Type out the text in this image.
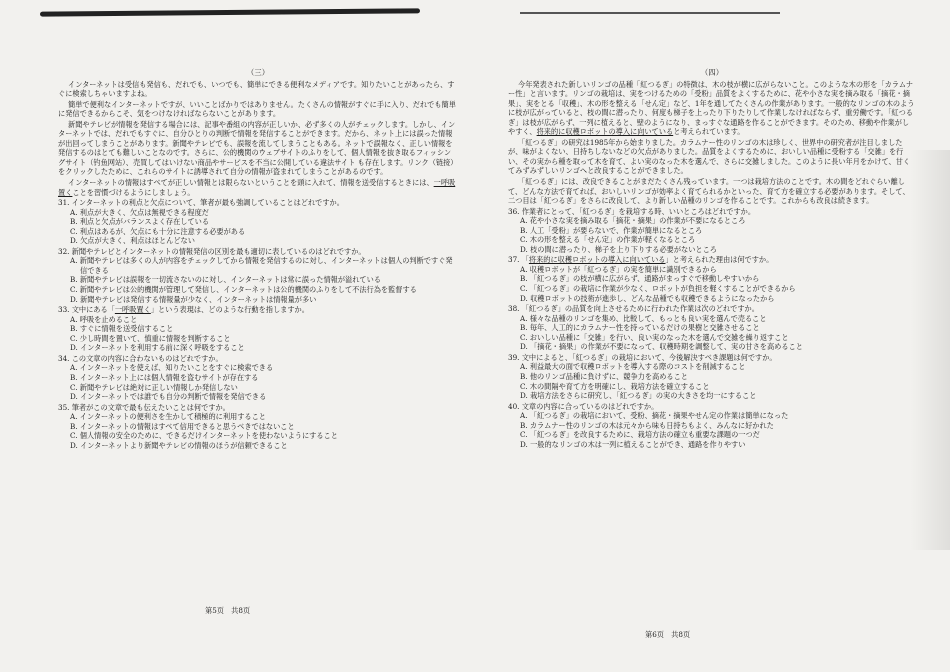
（三）

インターネットは受信も発信も、だれでも、いつでも、簡単にできる便利なメディアです。知りたいことがあったら、すぐに検索しちゃいますよね。

簡単で便利なインターネットですが、いいことばかりではありません。たくさんの情報がすぐに手に入り、だれでも簡単に発信できるからこそ、気をつけなければならないことがあります。

新聞やテレビが情報を発信する場合には、記事や番組の内容が正しいか、必ず多くの人がチェックします。しかし、インターネットでは、だれでもすぐに、自分ひとりの判断で情報を発信することができます。だから、ネット上には誤った情報が出回ってしまうことがあります。新聞やテレビでも、誤報を流してしまうこともある。ネットで誤報なく、正しい情報を発信するのはとても難しいことなのです。さらに、公的機関のウェブサイトのふりをして、個人情報を抜き取るフィッシングサイト（钓鱼网站）、売買してはいけない商品やサービスを不当に公開している違法サイト も存在します。リンク（链接）をクリックしたために、これらのサイトに誘導されて自分の情報が盗まれてしまうことがあるのです。

インターネットの情報はすべてが正しい情報とは限らないということを頭に入れて、情報を送受信するときには、一呼吸置くことを習慣づけるようにしましょう。

31. インターネットの利点と欠点について、筆者が最も強調していることはどれですか。
A. 利点が大きく、欠点は無視できる程度だ
B. 利点と欠点がバランスよく存在している
C. 利点はあるが、欠点にも十分に注意する必要がある
D. 欠点が大きく、利点はほとんどない
32. 新聞やテレビとインターネットの情報発信の区別を最も適切に表しているのはどれですか。
A. 新聞やテレビは多くの人が内容をチェックしてから情報を発信するのに対し、インターネットは個人の判断ですぐ発信できる
B. 新聞やテレビは誤報を一切流さないのに対し、インターネットは常に誤った情報が溢れている
C. 新聞やテレビは公的機関が管理して発信し、インターネットは公的機関のふりをして不法行為を監督する
D. 新聞やテレビは発信する情報量が少なく、インターネットは情報量が多い
33. 文中にある「一呼吸置く」という表現は、どのような行動を指しますか。
A. 呼吸を止めること
B. すぐに情報を送受信すること
C. 少し時間を置いて、慎重に情報を判断すること
D. インターネットを利用する前に深く呼吸をすること
34. この文章の内容に合わないものはどれですか。
A. インターネットを使えば、知りたいことをすぐに検索できる
B. インターネット上には個人情報を盗むサイトが存在する
C. 新聞やテレビは絶対に正しい情報しか発信しない
D. インターネットでは誰でも自分の判断で情報を発信できる
35. 筆者がこの文章で最も伝えたいことは何ですか。
A. インターネットの便利さを生かして積極的に利用すること
B. インターネットの情報はすべて信用できると思うべきではないこと
C. 個人情報の安全のために、できるだけインターネットを使わないようにすること
D. インターネットより新聞やテレビの情報のほうが信頼できること
第5页　共8页
（四）

今年発表された新しいリンゴの品種「紅つるぎ」の特徴は、木の枝が横に広がらないこと。このような木の形を「カラムナー性」と言います。リンゴの栽培は、実をつけるための「受粉」品質をよくするために、花や小さな実を摘み取る「摘花・摘果」、実をとる「収穫」、木の形を整える「せん定」など、1年を通してたくさんの作業があります。一般的なリンゴの木のように枝が広がっていると、枝の間に潜ったり、何度も梯子を上ったり下りたりして作業しなければならず、重労働です。「紅つるぎ」は枝が広がらず、一列に植えると、壁のようになり、まっすぐな通路を作ることができます。そのため、移動や作業がしやすく、将来的に収穫ロボットの導入に向いていると考えられています。

「紅つるぎ」の研究は1985年から始まりました。カラムナー性のリンゴの木は珍しく、世界中の研究者が注目しましたが、味がよくない、日持ちしないなどの欠点がありました。品質をよくするために、おいしい品種に受粉する「交雑」を行い、その実から種を取って木を育て、よい実のなった木を選んで、さらに交雑しました。このように長い年月をかけて、甘くてみずみずしいリンゴへと改良することができました。

「紅つるぎ」には、改良できることがまだたくさん残っています。一つは栽培方法のことです。木の間をどれぐらい離して、どんな方法で育てれば、おいしいリンゴが効率よく育てられるかといった、育て方を確立する必要があります。そして、二つ目は「紅つるぎ」をさらに改良して、より新しい品種のリンゴを作ることです。これからも改良は続きます。

36. 作業者にとって、「紅つるぎ」を栽培する時、いいところはどれですか。
A. 花や小さな実を摘み取る「摘花・摘果」の作業が不要になるところ
B. 人工「受粉」が要らないで、作業が簡単になるところ
C. 木の形を整える「せん定」の作業が軽くなるところ
D. 枝の間に潜ったり、梯子を上り下りする必要がないところ
37. 「将来的に収穫ロボットの導入に向いている」と考えられた理由は何ですか。
A. 収穫ロボットが「紅つるぎ」の実を簡単に識別できるから
B. 「紅つるぎ」の枝が横に広がらず、通路がまっすぐで移動しやすいから
C. 「紅つるぎ」の栽培に作業が少なく、ロボットが負担を軽くすることができるから
D. 収穫ロボットの技術が進歩し、どんな品種でも収穫できるようになったから
38. 「紅つるぎ」の品質を向上させるために行われた作業は次のどれですか。
A. 様々な品種のリンゴを集め、比較して、もっとも良い実を選んで売ること
B. 毎年、人工的にカラムナー性を持っているだけの果樹と交雑させること
C. おいしい品種に「交雑」を行い、良い実のなった木を選んで交雑を繰り返すこと
D. 「摘花・摘果」の作業が不要になって、収穫時期を調整して、実の甘さを高めること
39. 文中によると、「紅つるぎ」の栽培において、今後解決すべき課題は何ですか。
A. 利益最大の面で収穫ロボットを導入する際のコストを削減すること
B. 他のリンゴ品種に負けずに、競争力を高めること
C. 木の間隔や育て方を明確にし、栽培方法を確立すること
D. 栽培方法をさらに研究し、「紅つるぎ」の実の大きさを均一にすること
40. 文章の内容に合っているのはどれですか。
A. 「紅つるぎ」の栽培において、受粉、摘花・摘果やせん定の作業は簡単になった
B. カラムナー性のリンゴの木は元々から味も日持ちもよく、みんなに好かれた
C. 「紅つるぎ」を改良するために、栽培方法の確立も重要な課題の一つだ
D. 一般的なリンゴの木は一列に植えることができ、通路を作りやすい
第6页　共8页
